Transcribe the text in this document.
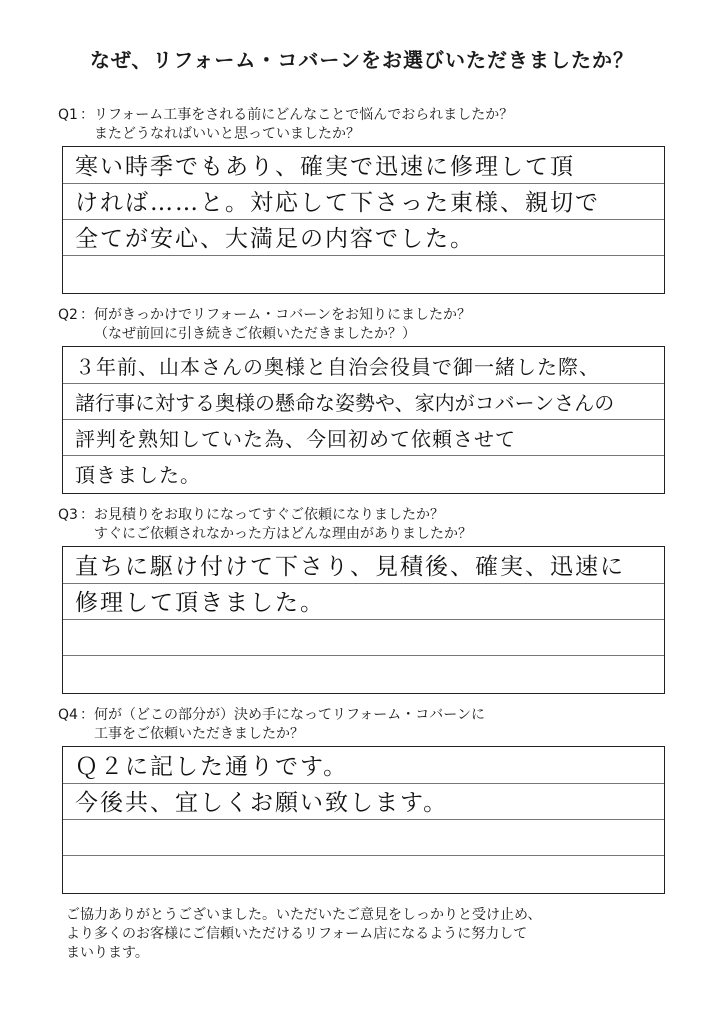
なぜ、リフォーム・コバーンをお選びいただきましたか？
Q1 ：リフォーム工事をされる前にどんなことで悩んでおられましたか？
またどうなればいいと思っていましたか？
寒い時季でもあり、確実で迅速に修理して頂
ければ……と。対応して下さった東様、親切で
全てが安心、大満足の内容でした。
Q2 ：何がきっかけでリフォーム・コバーンをお知りにましたか？
（なぜ前回に引き続きご依頼いただきましたか？）
３年前、山本さんの奥様と自治会役員で御一緒した際、
諸行事に対する奥様の懸命な姿勢や、家内がコバーンさんの
評判を熟知していた為、今回初めて依頼させて
頂きました。
Q3 ：お見積りをお取りになってすぐご依頼になりましたか？
すぐにご依頼されなかった方はどんな理由がありましたか？
直ちに駆け付けて下さり、見積後、確実、迅速に
修理して頂きました。
Q4 ：何が（どこの部分が）決め手になってリフォーム・コバーンに
工事をご依頼いただきましたか？
Ｑ２に記した通りです。
今後共、宜しくお願い致します。
ご協力ありがとうございました。いただいたご意見をしっかりと受け止め、
より多くのお客様にご信頼いただけるリフォーム店になるように努力して
まいります。
